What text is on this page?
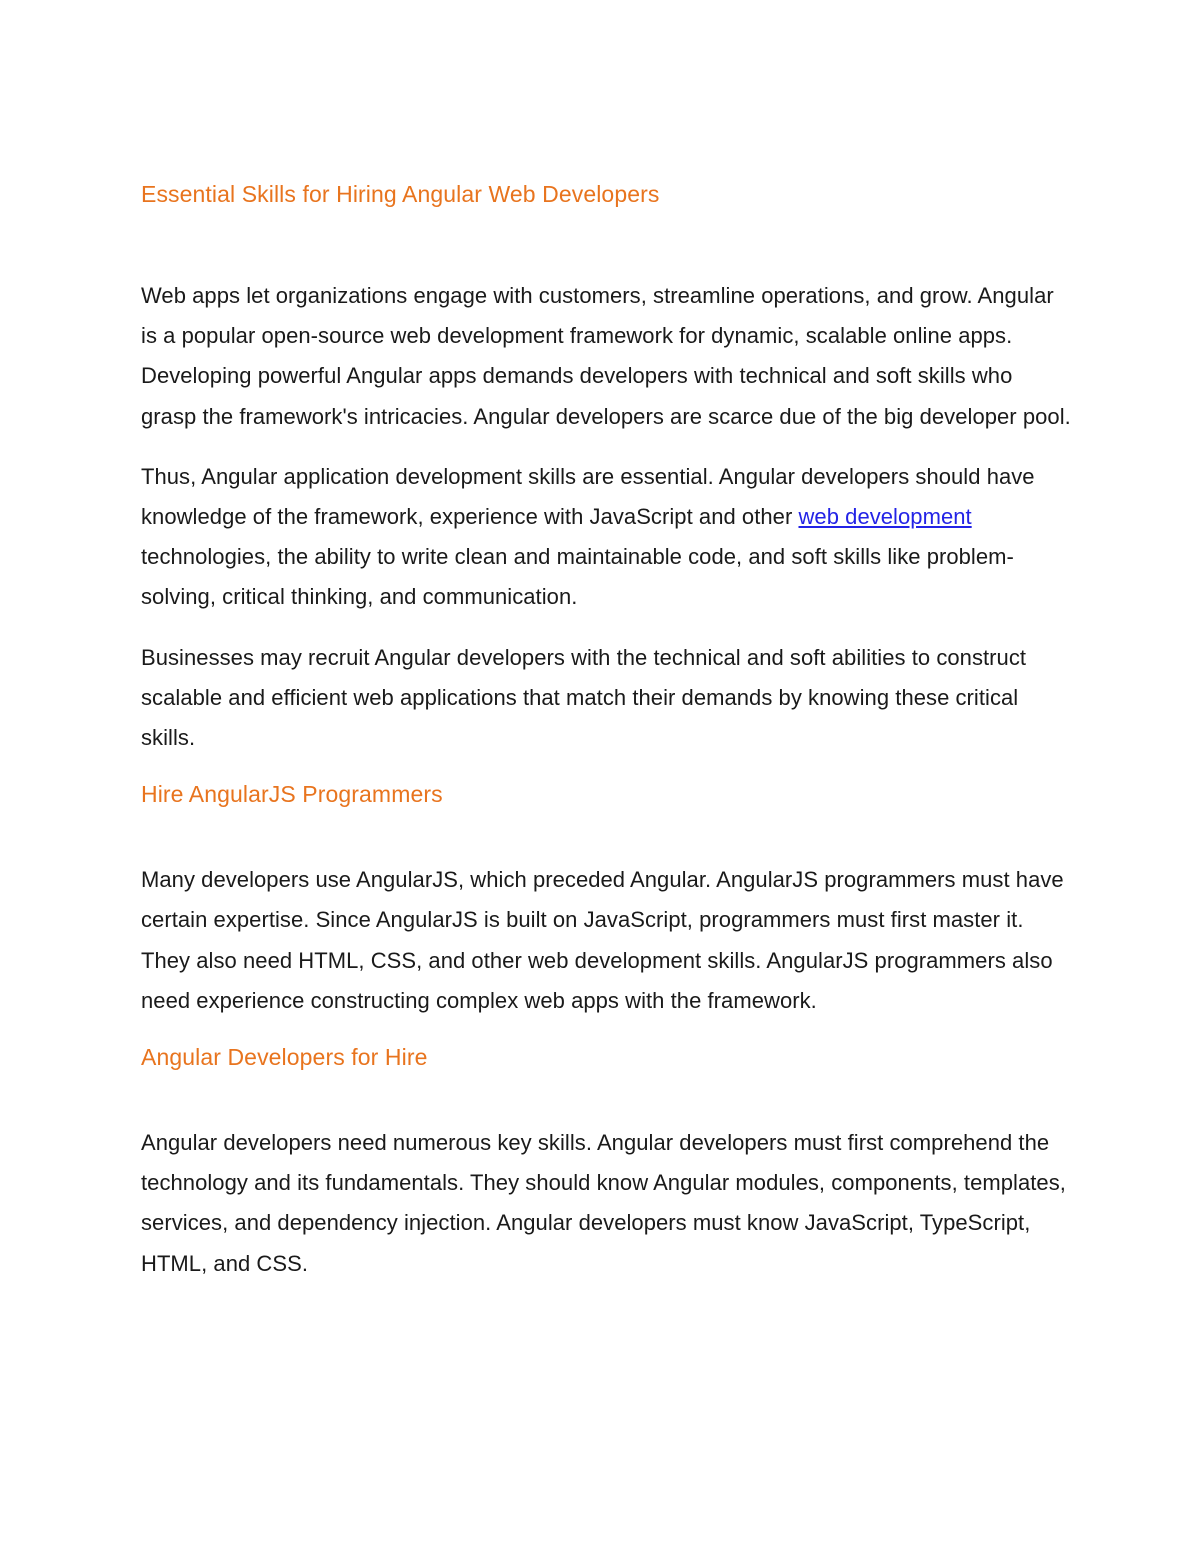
Essential Skills for Hiring Angular Web Developers

Web apps let organizations engage with customers, streamline operations, and grow. Angular is a popular open-source web development framework for dynamic, scalable online apps. Developing powerful Angular apps demands developers with technical and soft skills who grasp the framework's intricacies. Angular developers are scarce due of the big developer pool.

Thus, Angular application development skills are essential. Angular developers should have knowledge of the framework, experience with JavaScript and other web development technologies, the ability to write clean and maintainable code, and soft skills like problem-solving, critical thinking, and communication.

Businesses may recruit Angular developers with the technical and soft abilities to construct scalable and efficient web applications that match their demands by knowing these critical skills.

Hire AngularJS Programmers

Many developers use AngularJS, which preceded Angular. AngularJS programmers must have certain expertise. Since AngularJS is built on JavaScript, programmers must first master it. They also need HTML, CSS, and other web development skills. AngularJS programmers also need experience constructing complex web apps with the framework.

Angular Developers for Hire

Angular developers need numerous key skills. Angular developers must first comprehend the technology and its fundamentals. They should know Angular modules, components, templates, services, and dependency injection. Angular developers must know JavaScript, TypeScript, HTML, and CSS.
